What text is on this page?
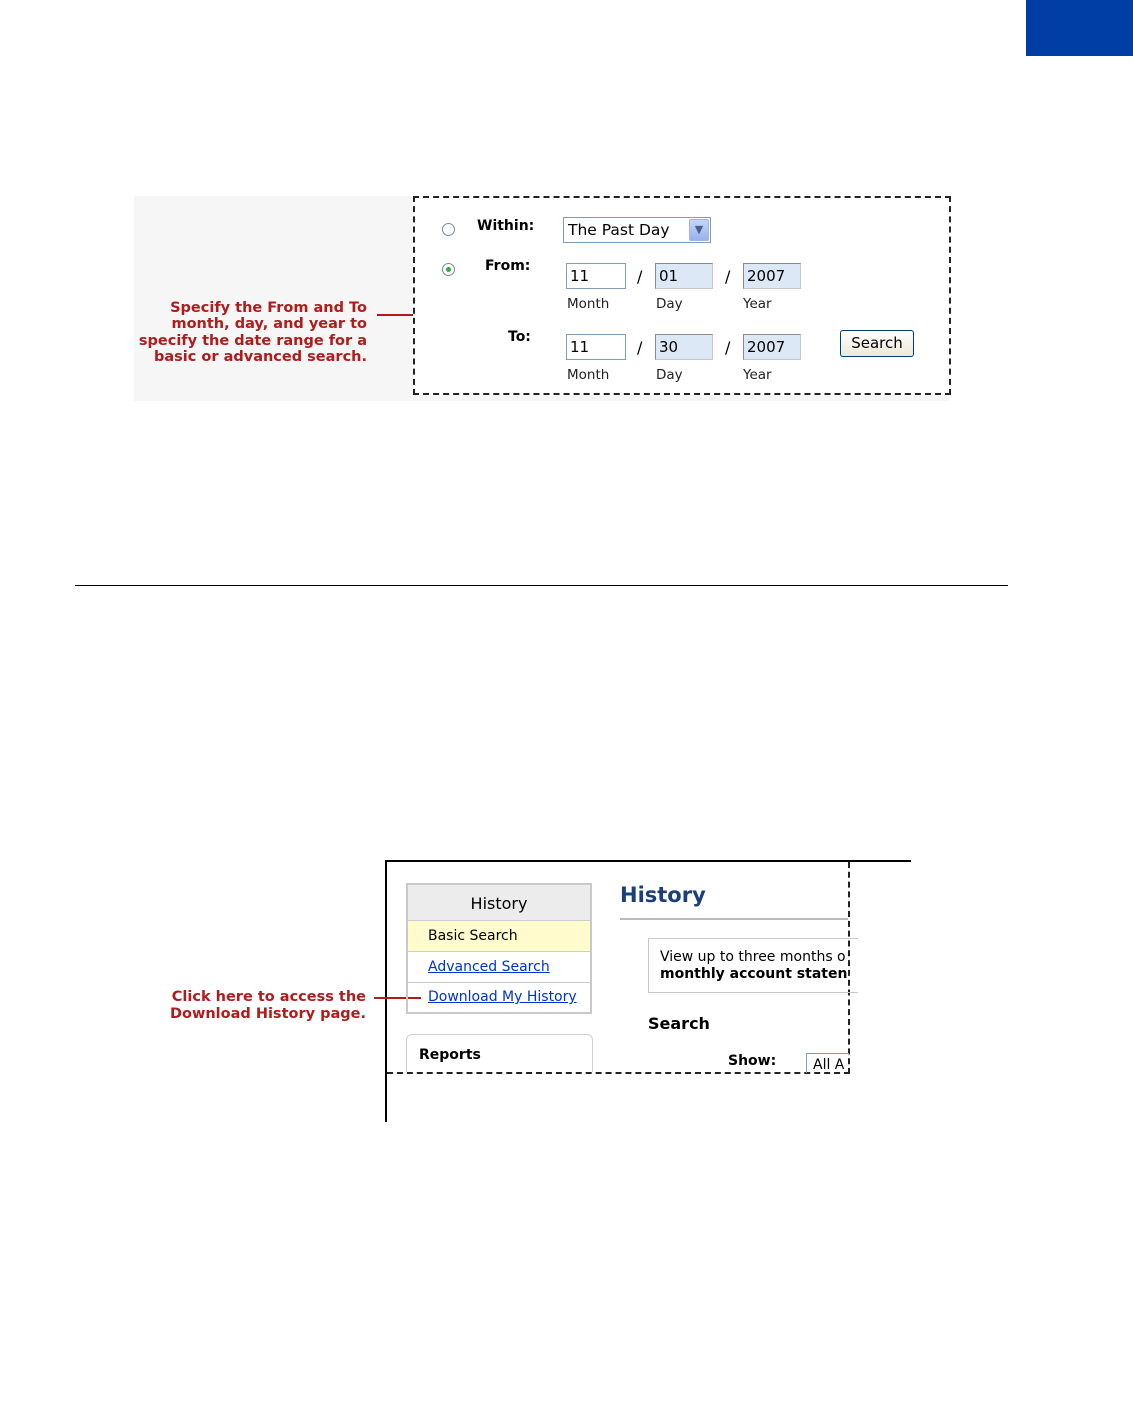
Specify the From and To
month, day, and year to
specify the date range for a
basic or advanced search.
Within:	The Past Day	▼
From:
11	/ 01	/ 2007
Month	Day	Year
To:
11	/ 30	/ 2007	Search
Month	Day	Year
Click here to access the
Download History page.
History
Basic Search
Advanced Search
Download My History
Reports
History
View up to three months o
monthly account staten
Search
Show:	All A
